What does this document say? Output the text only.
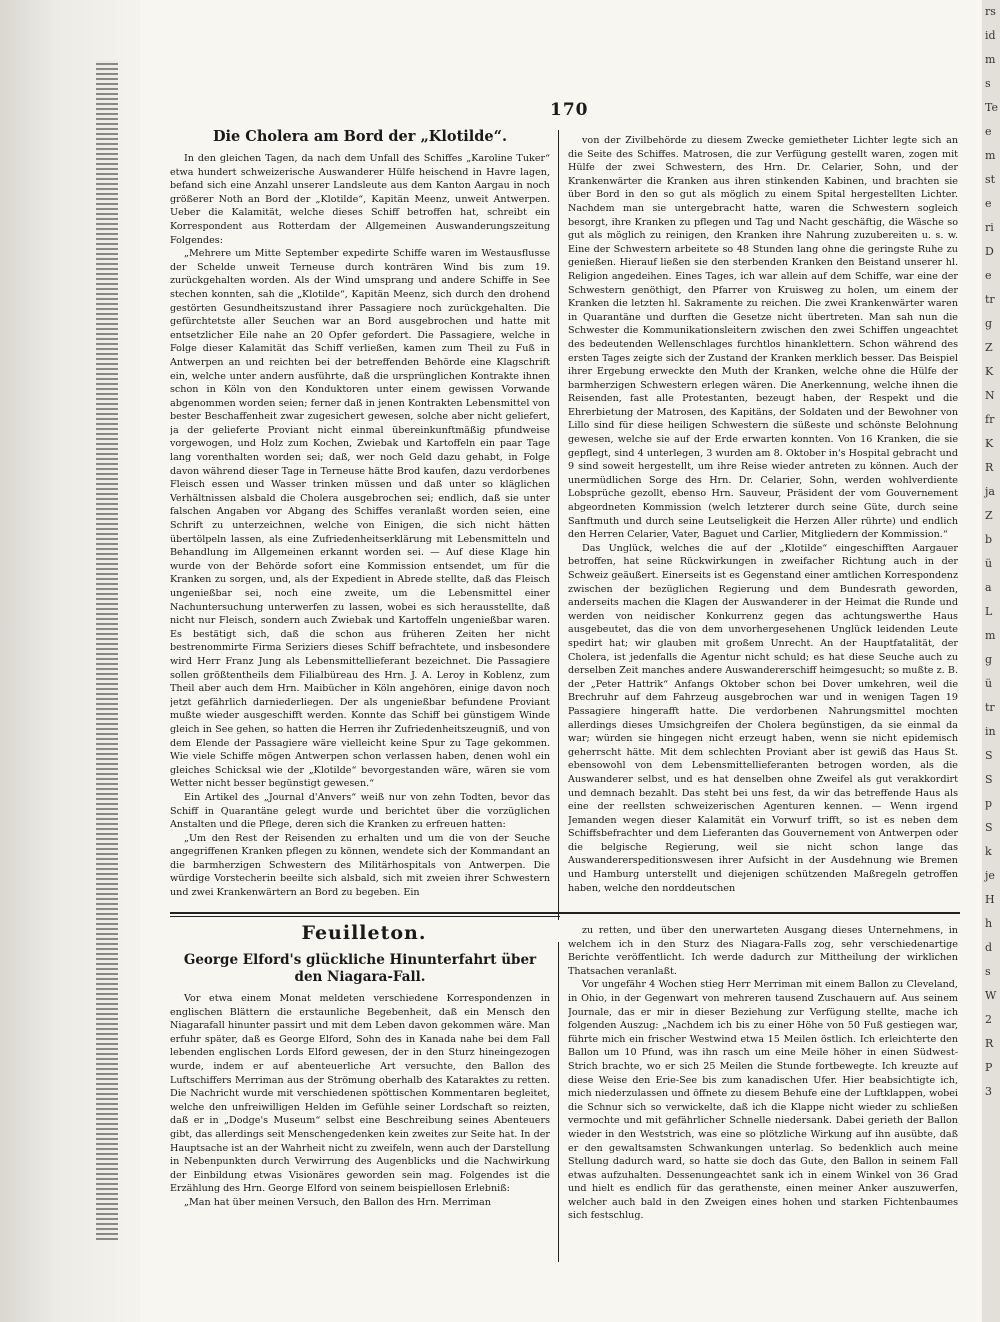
rs
id
m
s
Te
e
m
st
e
ri
D
e
tr
g
Z
K
N
fr
K
R
ja
Z
b
ü
a
L
m
g
ü
tr
in
S
S
p
S
k
je
H
h
d
s
W
2
R
P
3
170
Die Cholera am Bord der „Klotilde“.

In den gleichen Tagen, da nach dem Unfall des Schiffes „Karoline Tuker“ etwa hundert schweizerische Auswanderer Hülfe heischend in Havre lagen, befand sich eine Anzahl unserer Landsleute aus dem Kanton Aargau in noch größerer Noth an Bord der „Klotilde“, Kapitän Meenz, unweit Antwerpen. Ueber die Kalamität, welche dieses Schiff betroffen hat, schreibt ein Korrespondent aus Rotterdam der Allgemeinen Auswanderungszeitung Folgendes:

„Mehrere um Mitte September expedirte Schiffe waren im Westausflusse der Schelde unweit Terneuse durch konträren Wind bis zum 19. zurückgehalten worden. Als der Wind umsprang und andere Schiffe in See stechen konnten, sah die „Klotilde“, Kapitän Meenz, sich durch den drohend gestörten Gesundheitszustand ihrer Passagiere noch zurückgehalten. Die gefürchtetste aller Seuchen war an Bord ausgebrochen und hatte mit entsetzlicher Eile nahe an 20 Opfer gefordert. Die Passagiere, welche in Folge dieser Kalamität das Schiff verließen, kamen zum Theil zu Fuß in Antwerpen an und reichten bei der betreffenden Behörde eine Klagschrift ein, welche unter andern ausführte, daß die ursprünglichen Kontrakte ihnen schon in Köln von den Konduktoren unter einem gewissen Vorwande abgenommen worden seien; ferner daß in jenen Kontrakten Lebensmittel von bester Beschaffenheit zwar zugesichert gewesen, solche aber nicht geliefert, ja der gelieferte Proviant nicht einmal übereinkunftmäßig pfundweise vorgewogen, und Holz zum Kochen, Zwiebak und Kartoffeln ein paar Tage lang vorenthalten worden sei; daß, wer noch Geld dazu gehabt, in Folge davon während dieser Tage in Terneuse hätte Brod kaufen, dazu verdorbenes Fleisch essen und Wasser trinken müssen und daß unter so kläglichen Verhältnissen alsbald die Cholera ausgebrochen sei; endlich, daß sie unter falschen Angaben vor Abgang des Schiffes veranlaßt worden seien, eine Schrift zu unterzeichnen, welche von Einigen, die sich nicht hätten übertölpeln lassen, als eine Zufriedenheitserklärung mit Lebensmitteln und Behandlung im Allgemeinen erkannt worden sei. — Auf diese Klage hin wurde von der Behörde sofort eine Kommission entsendet, um für die Kranken zu sorgen, und, als der Expedient in Abrede stellte, daß das Fleisch ungenießbar sei, noch eine zweite, um die Lebensmittel einer Nachuntersuchung unterwerfen zu lassen, wobei es sich herausstellte, daß nicht nur Fleisch, sondern auch Zwiebak und Kartoffeln ungenießbar waren. Es bestätigt sich, daß die schon aus früheren Zeiten her nicht bestrenommirte Firma Seriziers dieses Schiff befrachtete, und insbesondere wird Herr Franz Jung als Lebensmittellieferant bezeichnet. Die Passagiere sollen größtentheils dem Filialbüreau des Hrn. J. A. Leroy in Koblenz, zum Theil aber auch dem Hrn. Maibücher in Köln angehören, einige davon noch jetzt gefährlich darniederliegen. Der als ungenießbar befundene Proviant mußte wieder ausgeschifft werden. Konnte das Schiff bei günstigem Winde gleich in See gehen, so hatten die Herren ihr Zufriedenheitszeugniß, und von dem Elende der Passagiere wäre vielleicht keine Spur zu Tage gekommen. Wie viele Schiffe mögen Antwerpen schon verlassen haben, denen wohl ein gleiches Schicksal wie der „Klotilde“ bevorgestanden wäre, wären sie vom Wetter nicht besser begünstigt gewesen.“

Ein Artikel des „Journal d'Anvers“ weiß nur von zehn Todten, bevor das Schiff in Quarantäne gelegt wurde und berichtet über die vorzüglichen Anstalten und die Pflege, deren sich die Kranken zu erfreuen hatten:

„Um den Rest der Reisenden zu erhalten und um die von der Seuche angegriffenen Kranken pflegen zu können, wendete sich der Kommandant an die barmherzigen Schwestern des Militärhospitals von Antwerpen. Die würdige Vorstecherin beeilte sich alsbald, sich mit zweien ihrer Schwestern und zwei Krankenwärtern an Bord zu begeben. Ein

von der Zivilbehörde zu diesem Zwecke gemietheter Lichter legte sich an die Seite des Schiffes. Matrosen, die zur Verfügung gestellt waren, zogen mit Hülfe der zwei Schwestern, des Hrn. Dr. Celarier, Sohn, und der Krankenwärter die Kranken aus ihren stinkenden Kabinen, und brachten sie über Bord in den so gut als möglich zu einem Spital hergestellten Lichter. Nachdem man sie untergebracht hatte, waren die Schwestern sogleich besorgt, ihre Kranken zu pflegen und Tag und Nacht geschäftig, die Wäsche so gut als möglich zu reinigen, den Kranken ihre Nahrung zuzubereiten u. s. w. Eine der Schwestern arbeitete so 48 Stunden lang ohne die geringste Ruhe zu genießen. Hierauf ließen sie den sterbenden Kranken den Beistand unserer hl. Religion angedeihen. Eines Tages, ich war allein auf dem Schiffe, war eine der Schwestern genöthigt, den Pfarrer von Kruisweg zu holen, um einem der Kranken die letzten hl. Sakramente zu reichen. Die zwei Krankenwärter waren in Quarantäne und durften die Gesetze nicht übertreten. Man sah nun die Schwester die Kommunikationsleitern zwischen den zwei Schiffen ungeachtet des bedeutenden Wellenschlages furchtlos hinanklettern. Schon während des ersten Tages zeigte sich der Zustand der Kranken merklich besser. Das Beispiel ihrer Ergebung erweckte den Muth der Kranken, welche ohne die Hülfe der barmherzigen Schwestern erlegen wären. Die Anerkennung, welche ihnen die Reisenden, fast alle Protestanten, bezeugt haben, der Respekt und die Ehrerbietung der Matrosen, des Kapitäns, der Soldaten und der Bewohner von Lillo sind für diese heiligen Schwestern die süßeste und schönste Belohnung gewesen, welche sie auf der Erde erwarten konnten. Von 16 Kranken, die sie gepflegt, sind 4 unterlegen, 3 wurden am 8. Oktober in's Hospital gebracht und 9 sind soweit hergestellt, um ihre Reise wieder antreten zu können. Auch der unermüdlichen Sorge des Hrn. Dr. Celarier, Sohn, werden wohlverdiente Lobsprüche gezollt, ebenso Hrn. Sauveur, Präsident der vom Gouvernement abgeordneten Kommission (welch letzterer durch seine Güte, durch seine Sanftmuth und durch seine Leutseligkeit die Herzen Aller rührte) und endlich den Herren Celarier, Vater, Baguet und Carlier, Mitgliedern der Kommission.“

Das Unglück, welches die auf der „Klotilde“ eingeschifften Aargauer betroffen, hat seine Rückwirkungen in zweifacher Richtung auch in der Schweiz geäußert. Einerseits ist es Gegenstand einer amtlichen Korrespondenz zwischen der bezüglichen Regierung und dem Bundesrath geworden, anderseits machen die Klagen der Auswanderer in der Heimat die Runde und werden von neidischer Konkurrenz gegen das achtungswerthe Haus ausgebeutet, das die von dem unvorhergesehenen Unglück leidenden Leute spedirt hat; wir glauben mit großem Unrecht. An der Hauptfatalität, der Cholera, ist jedenfalls die Agentur nicht schuld; es hat diese Seuche auch zu derselben Zeit manches andere Auswandererschiff heimgesucht; so mußte z. B. der „Peter Hattrik“ Anfangs Oktober schon bei Dover umkehren, weil die Brechruhr auf dem Fahrzeug ausgebrochen war und in wenigen Tagen 19 Passagiere hingerafft hatte. Die verdorbenen Nahrungsmittel mochten allerdings dieses Umsichgreifen der Cholera begünstigen, da sie einmal da war; würden sie hingegen nicht erzeugt haben, wenn sie nicht epidemisch geherrscht hätte. Mit dem schlechten Proviant aber ist gewiß das Haus St. ebensowohl von dem Lebensmittellieferanten betrogen worden, als die Auswanderer selbst, und es hat denselben ohne Zweifel als gut verakkordirt und demnach bezahlt. Das steht bei uns fest, da wir das betreffende Haus als eine der reellsten schweizerischen Agenturen kennen. — Wenn irgend Jemanden wegen dieser Kalamität ein Vorwurf trifft, so ist es neben dem Schiffsbefrachter und dem Lieferanten das Gouvernement von Antwerpen oder die belgische Regierung, weil sie nicht schon lange das Auswandererspeditionswesen ihrer Aufsicht in der Ausdehnung wie Bremen und Hamburg unterstellt und diejenigen schützenden Maßregeln getroffen haben, welche den norddeutschen

Feuilleton.
George Elford's glückliche Hinunterfahrt über den Niagara-Fall.

Vor etwa einem Monat meldeten verschiedene Korrespondenzen in englischen Blättern die erstaunliche Begebenheit, daß ein Mensch den Niagarafall hinunter passirt und mit dem Leben davon gekommen wäre. Man erfuhr später, daß es George Elford, Sohn des in Kanada nahe bei dem Fall lebenden englischen Lords Elford gewesen, der in den Sturz hineingezogen wurde, indem er auf abenteuerliche Art versuchte, den Ballon des Luftschiffers Merriman aus der Strömung oberhalb des Kataraktes zu retten. Die Nachricht wurde mit verschiedenen spöttischen Kommentaren begleitet, welche den unfreiwilligen Helden im Gefühle seiner Lordschaft so reizten, daß er in „Dodge's Museum“ selbst eine Beschreibung seines Abenteuers gibt, das allerdings seit Menschengedenken kein zweites zur Seite hat. In der Hauptsache ist an der Wahrheit nicht zu zweifeln, wenn auch der Darstellung in Nebenpunkten durch Verwirrung des Augenblicks und die Nachwirkung der Einbildung etwas Visionäres geworden sein mag. Folgendes ist die Erzählung des Hrn. George Elford von seinem beispiellosen Erlebniß:

„Man hat über meinen Versuch, den Ballon des Hrn. Merriman

zu retten, und über den unerwarteten Ausgang dieses Unternehmens, in welchem ich in den Sturz des Niagara-Falls zog, sehr verschiedenartige Berichte veröffentlicht. Ich werde dadurch zur Mittheilung der wirklichen Thatsachen veranlaßt.

Vor ungefähr 4 Wochen stieg Herr Merriman mit einem Ballon zu Cleveland, in Ohio, in der Gegenwart von mehreren tausend Zuschauern auf. Aus seinem Journale, das er mir in dieser Beziehung zur Verfügung stellte, mache ich folgenden Auszug: „Nachdem ich bis zu einer Höhe von 50 Fuß gestiegen war, führte mich ein frischer Westwind etwa 15 Meilen östlich. Ich erleichterte den Ballon um 10 Pfund, was ihn rasch um eine Meile höher in einen Südwest-Strich brachte, wo er sich 25 Meilen die Stunde fortbewegte. Ich kreuzte auf diese Weise den Erie-See bis zum kanadischen Ufer. Hier beabsichtigte ich, mich niederzulassen und öffnete zu diesem Behufe eine der Luftklappen, wobei die Schnur sich so verwickelte, daß ich die Klappe nicht wieder zu schließen vermochte und mit gefährlicher Schnelle niedersank. Dabei gerieth der Ballon wieder in den Weststrich, was eine so plötzliche Wirkung auf ihn ausübte, daß er den gewaltsamsten Schwankungen unterlag. So bedenklich auch meine Stellung dadurch ward, so hatte sie doch das Gute, den Ballon in seinem Fall etwas aufzuhalten. Dessenungeachtet sank ich in einem Winkel von 36 Grad und hielt es endlich für das gerathenste, einen meiner Anker auszuwerfen, welcher auch bald in den Zweigen eines hohen und starken Fichtenbaumes sich festschlug.
